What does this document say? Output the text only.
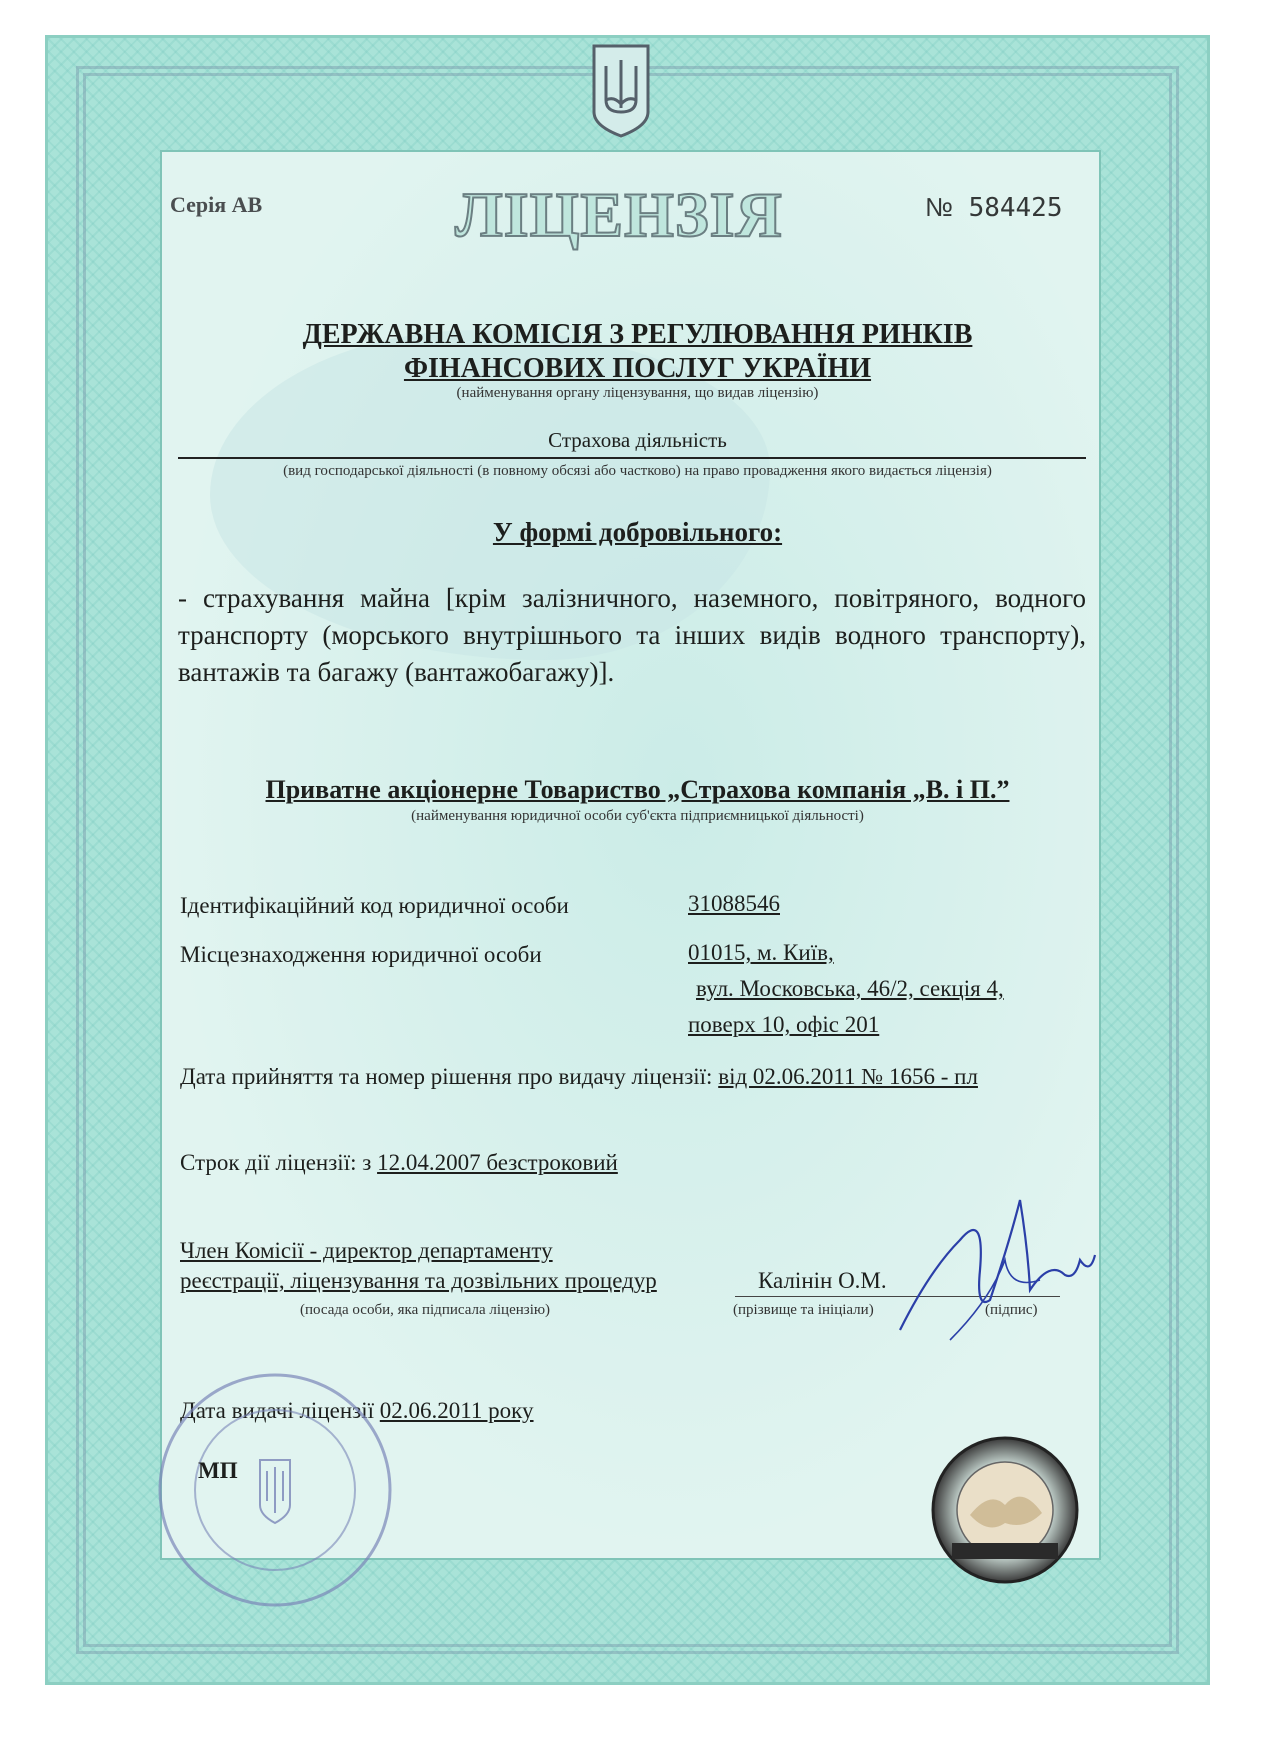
Серія АВ	ЛІЦЕНЗІЯ	№ 584425
ДЕРЖАВНА КОМІСІЯ З РЕГУЛЮВАННЯ РИНКІВ
ФІНАНСОВИХ ПОСЛУГ УКРАЇНИ
(найменування органу ліцензування, що видав ліцензію)
Страхова діяльність
(вид господарської діяльності (в повному обсязі або частково) на право провадження якого видається ліцензія)
У формі добровільного:
- страхування майна [крім залізничного, наземного, повітряного, водного транспорту (морського внутрішнього та інших видів водного транспорту), вантажів та багажу (вантажобагажу)].
Приватне акціонерне Товариство „Страхова компанія „В. і П.”
(найменування юридичної особи суб'єкта підприємницької діяльності)
Ідентифікаційний код юридичної особи	31088546
Місцезнаходження юридичної особи	01015, м. Київ,
вул. Московська, 46/2, секція 4,
поверх 10, офіс 201
Дата прийняття та номер рішення про видачу ліцензії: від 02.06.2011 № 1656 - пл
Строк дії ліцензії: з 12.04.2007 безстроковий
Член Комісії - директор департаменту
реєстрації, ліцензування та дозвільних процедур
(посада особи, яка підписала ліцензію)
Калінін О.М.
(прізвище та ініціали)	(підпис)
Дата видачі ліцензії 02.06.2011 року
МП
